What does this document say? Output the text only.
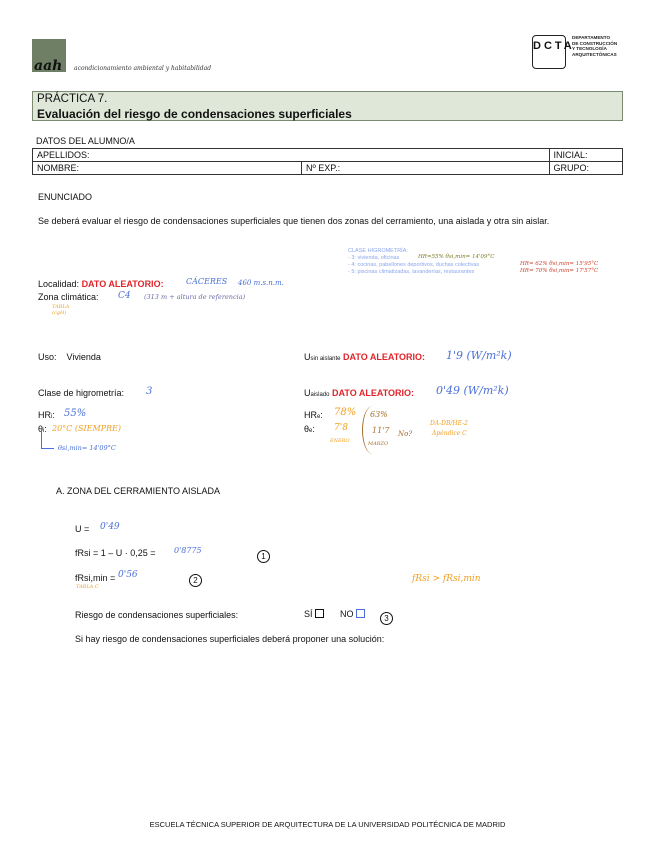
aah acondicionamiento ambiental y habitabilidad
DCTA
DEPARTAMENTO
DE CONSTRUCCIÓN
Y TECNOLOGÍA
ARQUITECTÓNICAS
PRÁCTICA 7.
Evaluación del riesgo de condensaciones superficiales
DATOS DEL ALUMNO/A
APELLIDOS:		INICIAL:
NOMBRE:	Nº EXP.:	GRUPO:
ENUNCIADO
Se deberá evaluar el riesgo de condensaciones superficiales que tienen dos zonas del cerramiento, una aislada y otra sin aislar.
CLASE HIGROMETRÍA:
- 3: vivienda, oficinas
- 4: cocinas, pabellones deportivos, duchas colectivas
- 5: piscinas climatizadas, lavanderías, restaurantes
HR=55% θsi,min= 14'09°C
HR= 62% θsi,min= 15'95°C
HR= 70% θsi,min= 17'57°C
Localidad: DATO ALEATORIO:	CÁCERES 460 m.s.n.m.
Zona climática: C4 (313 m + altura de referencia)
TABLA (cgH)
Uso: Vivienda	Usin aislante DATO ALEATORIO: 1'9 (W/m²k)
Clase de higrometría: 3	Uaislado DATO ALEATORIO: 0'49 (W/m²k)
HRi: 55%
θi: 20°C (SIEMPRE)
θsi,min= 14'09°C
HRe: 78%
θe: 7'8
ENERO
63%
11'7
MARZO
No?
DA-DB/HE-2
Apéndice C
A. ZONA DEL CERRAMIENTO AISLADA
U = 0'49
fRsi = 1 – U · 0,25 = 0'8775
1
fRsi,min = 0'56
TABLA C
2	fRsi > fRsi,min
Riesgo de condensaciones superficiales:	SÍ	NO	3
Si hay riesgo de condensaciones superficiales deberá proponer una solución:
ESCUELA TÉCNICA SUPERIOR DE ARQUITECTURA DE LA UNIVERSIDAD POLITÉCNICA DE MADRID
